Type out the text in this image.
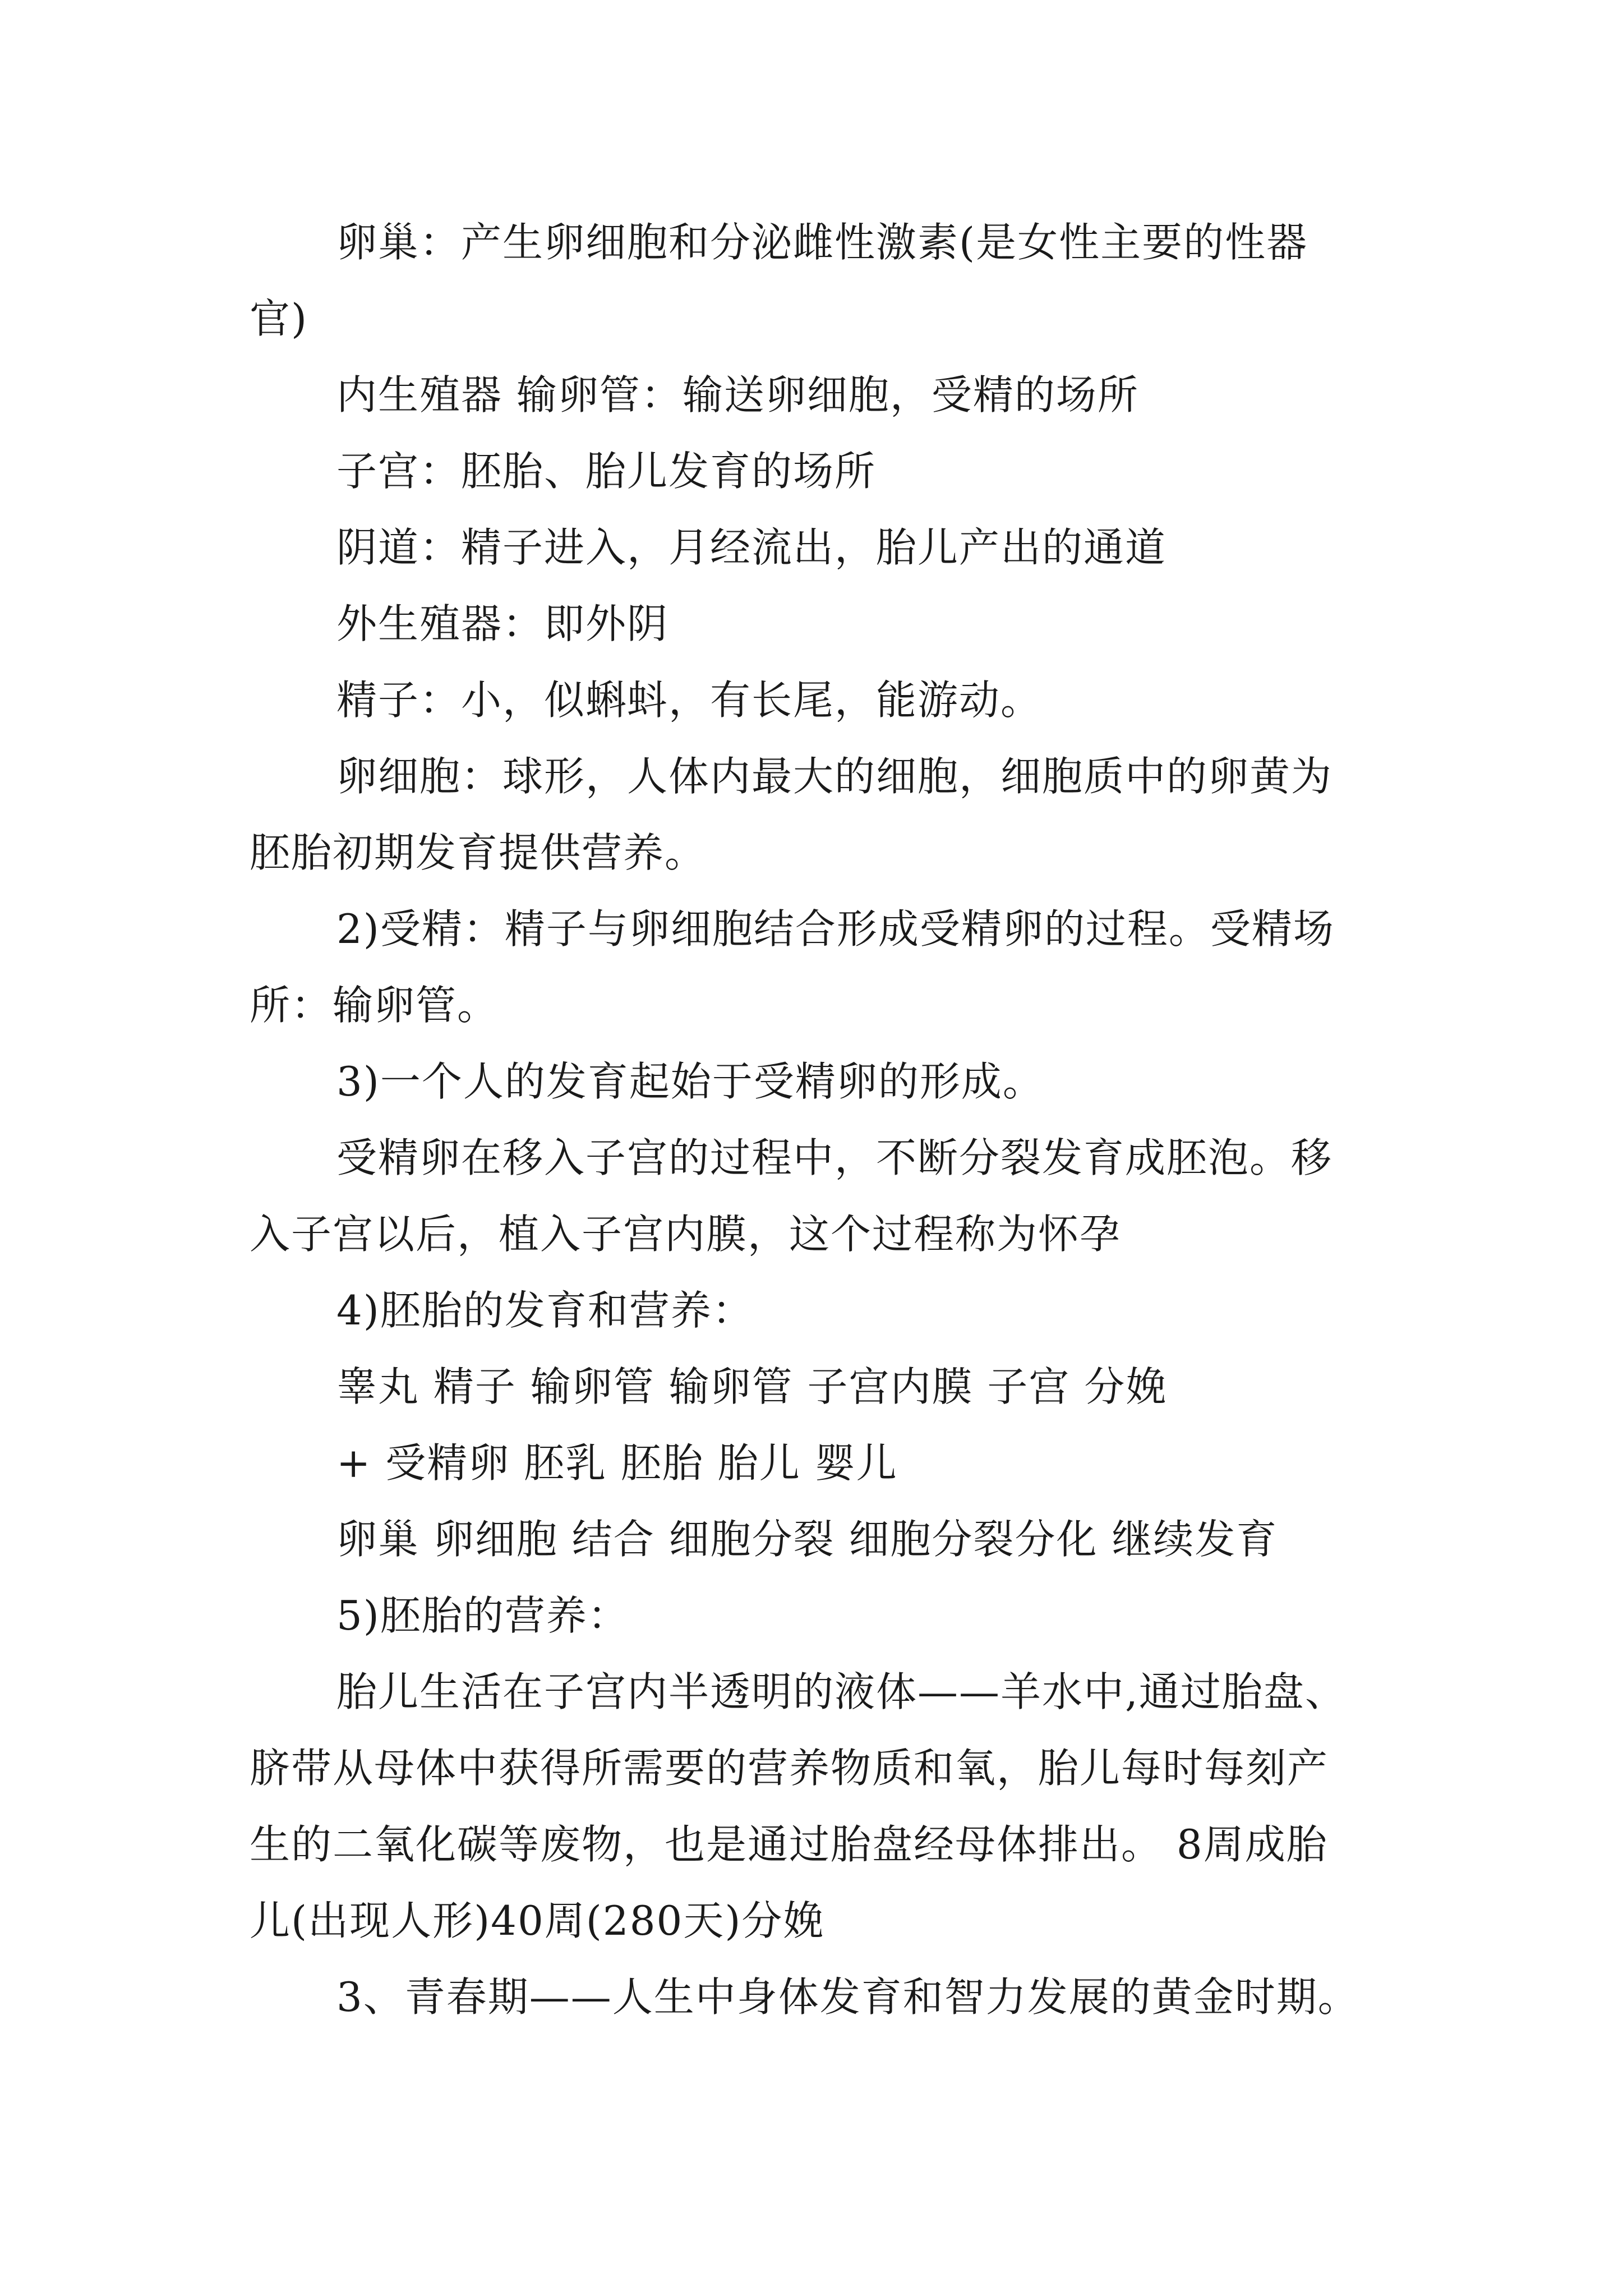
卵巢：产生卵细胞和分泌雌性激素(是女性主要的性器

官)

内生殖器 输卵管：输送卵细胞，受精的场所

子宫：胚胎、胎儿发育的场所

阴道：精子进入，月经流出，胎儿产出的通道

外生殖器：即外阴

精子：小，似蝌蚪，有长尾，能游动。

卵细胞：球形，人体内最大的细胞，细胞质中的卵黄为

胚胎初期发育提供营养。

2)受精：精子与卵细胞结合形成受精卵的过程。受精场

所：输卵管。

3)一个人的发育起始于受精卵的形成。

受精卵在移入子宫的过程中，不断分裂发育成胚泡。移

入子宫以后，植入子宫内膜，这个过程称为怀孕

4)胚胎的发育和营养：

睾丸 精子 输卵管 输卵管 子宫内膜 子宫 分娩

+ 受精卵 胚乳 胚胎 胎儿 婴儿

卵巢 卵细胞 结合 细胞分裂 细胞分裂分化 继续发育

5)胚胎的营养：

胎儿生活在子宫内半透明的液体——羊水中,通过胎盘、

脐带从母体中获得所需要的营养物质和氧，胎儿每时每刻产

生的二氧化碳等废物，也是通过胎盘经母体排出。 8周成胎

儿(出现人形)40周(280天)分娩

3、青春期——人生中身体发育和智力发展的黄金时期。
